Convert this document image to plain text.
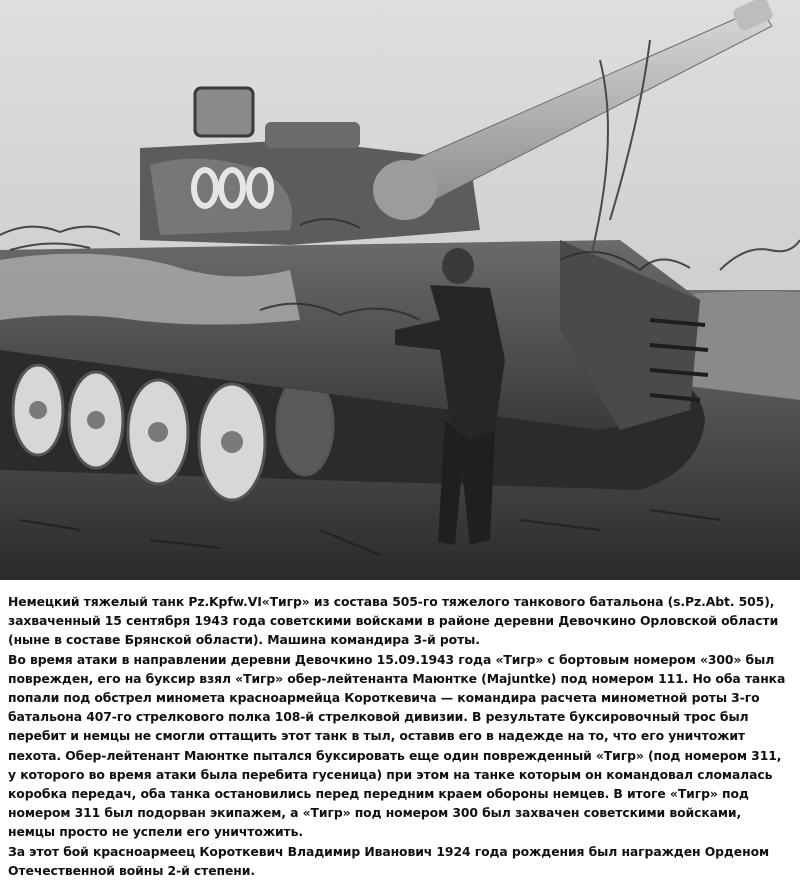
Немецкий тяжелый танк Pz.Kpfw.VI«Тигр» из состава 505-го тяжелого танкового батальона (s.Pz.Abt. 505), захваченный 15 сентября 1943 года советскими войсками в районе деревни Девочкино Орловской области (ныне в составе Брянской области). Машина командира 3-й роты.

Во время атаки в направлении деревни Девочкино 15.09.1943 года «Тигр» с бортовым номером «300» был поврежден, его на буксир взял «Тигр» обер-лейтенанта Маюнтке (Majuntke) под номером 111. Но оба танка попали под обстрел миномета красноармейца Короткевича — командира расчета минометной роты 3-го батальона 407-го стрелкового полка 108-й стрелковой дивизии. В результате буксировочный трос был перебит и немцы не смогли оттащить этот танк в тыл, оставив его в надежде на то, что его уничтожит пехота. Обер-лейтенант Маюнтке пытался буксировать еще один поврежденный «Тигр» (под номером 311, у которого во время атаки была перебита гусеница) при этом на танке которым он командовал сломалась коробка передач, оба танка остановились перед передним краем обороны немцев. В итоге «Тигр» под номером 311 был подорван экипажем, а «Тигр» под номером 300 был захвачен советскими войсками, немцы просто не успели его уничтожить.

За этот бой красноармеец Короткевич Владимир Иванович 1924 года рождения был награжден Орденом Отечественной войны 2-й степени.
